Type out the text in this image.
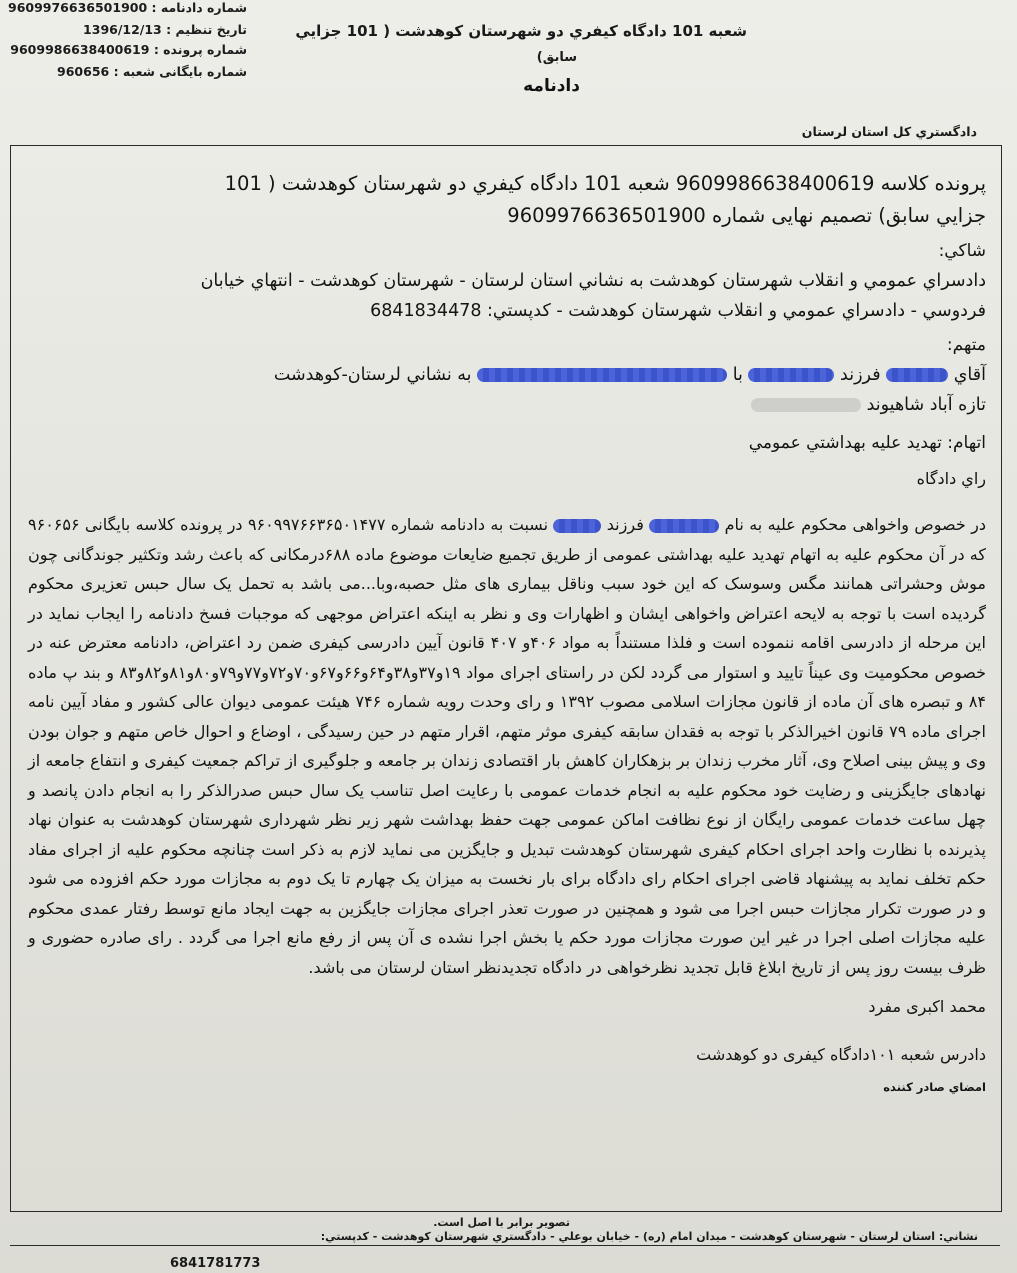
شماره دادنامه : 9609976636501900
تاریخ تنظیم : 1396/12/13
شماره پرونده : 9609986638400619
شماره بایگانی شعبه : 960656
شعبه 101 دادگاه کیفري دو شهرستان کوهدشت ( 101 جزایي
سابق)
دادنامه
دادگستري کل استان لرستان
پرونده کلاسه 9609986638400619 شعبه 101 دادگاه کیفري دو شهرستان کوهدشت ( 101
جزایي سابق) تصمیم نهایی شماره 9609976636501900
شاکي:
دادسراي عمومي و انقلاب شهرستان کوهدشت به نشاني استان لرستان - شهرستان کوهدشت - انتهاي خیابان
فردوسي - دادسراي عمومي و انقلاب شهرستان کوهدشت - کدپستي: 6841834478
متهم:
آقاي  فرزند  با  به نشاني لرستان-کوهدشت
تازه آباد شاهیوند
اتهام: تهدید علیه بهداشتي عمومي
راي دادگاه
در خصوص واخواهی محکوم علیه به نام  فرزند  نسبت به دادنامه شماره ۹۶۰۹۹۷۶۶۳۶۵۰۱۴۷۷ در پرونده کلاسه بایگانی ۹۶۰۶۵۶ که در آن محکوم علیه به اتهام تهدید علیه بهداشتی عمومی از طریق تجمیع ضایعات موضوع ماده ۶۸۸درمکانی که باعث رشد وتکثیر جوندگانی چون موش وحشراتی همانند مگس وسوسک که این خود سبب وناقل بیماری های مثل حصبه،وبا...می باشد به تحمل یک سال حبس تعزیری محکوم گردیده است با توجه به لایحه اعتراض واخواهی ایشان و اظهارات وی و نظر به اینکه اعتراض موجهی که موجبات فسخ دادنامه را ایجاب نماید در این مرحله از دادرسی اقامه ننموده است و فلذا مستنداً به مواد ۴۰۶و ۴۰۷ قانون آیین دادرسی کیفری ضمن رد اعتراض، دادنامه معترض عنه در خصوص محکومیت وی عیناً تایید و استوار می گردد لکن در راستای اجرای مواد ۱۹و۳۷و۳۸و۶۴و۶۶و۶۷و۷۰و۷۲و۷۷و۷۹و۸۰و۸۱و۸۲و۸۳ و بند پ ماده ۸۴ و تبصره های آن ماده از قانون مجازات اسلامی مصوب ۱۳۹۲ و رای وحدت رویه شماره ۷۴۶ هیئت عمومی دیوان عالی کشور و مفاد آیین نامه اجرای ماده ۷۹ قانون اخیرالذکر با توجه به فقدان سابقه کیفری موثر متهم، اقرار متهم در حین رسیدگی ، اوضاع و احوال خاص متهم و جوان بودن وی و پیش بینی اصلاح وی، آثار مخرب زندان بر بزهکاران کاهش بار اقتصادی زندان بر جامعه و جلوگیری از تراکم جمعیت کیفری و انتفاع جامعه از نهادهای جایگزینی و رضایت خود محکوم علیه به انجام خدمات عمومی با رعایت اصل تناسب یک سال حبس صدرالذکر را به انجام دادن پانصد و چهل ساعت خدمات عمومی رایگان از نوع نظافت اماکن عمومی جهت حفظ بهداشت شهر زیر نظر شهرداری شهرستان کوهدشت به عنوان نهاد پذیرنده با نظارت واحد اجرای احکام کیفری شهرستان کوهدشت تبدیل و جایگزین می نماید لازم به ذکر است چنانچه محکوم علیه از اجرای مفاد حکم تخلف نماید به پیشنهاد قاضی اجرای احکام رای دادگاه برای بار نخست به میزان یک چهارم تا یک دوم به مجازات مورد حکم افزوده می شود و در صورت تکرار مجازات حبس اجرا می شود و همچنین در صورت تعذر اجرای مجازات جایگزین به جهت ایجاد مانع توسط رفتار عمدی محکوم علیه مجازات اصلی اجرا در غیر این صورت مجازات مورد حکم یا بخش اجرا نشده ی آن پس از رفع مانع اجرا می گردد . رای صادره حضوری و ظرف بیست روز پس از تاریخ ابلاغ قابل تجدید نظرخواهی در دادگاه تجدیدنظر استان لرستان می باشد.
محمد اکبری مفرد
دادرس شعبه ۱۰۱دادگاه کیفری دو کوهدشت
امضاي صادر كننده
تصویر برابر با اصل است.
نشاني: استان لرستان - شهرستان كوهدشت - ميدان امام (ره) - خيابان بوعلي - دادگستري شهرستان كوهدشت - كدپستي:
6841781773
